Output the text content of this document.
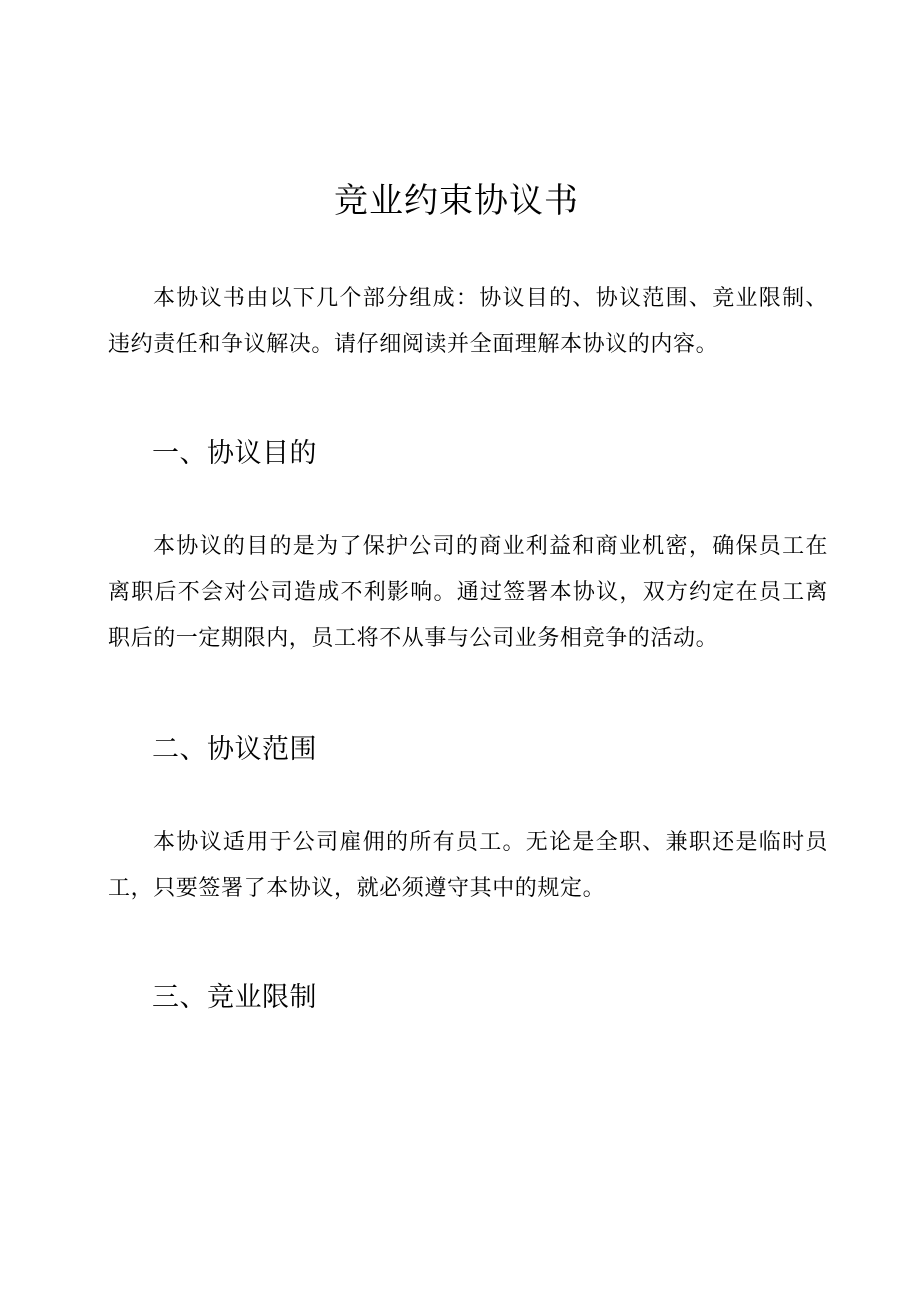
竞业约束协议书

本协议书由以下几个部分组成：协议目的、协议范围、竞业限制、违约责任和争议解决。请仔细阅读并全面理解本协议的内容。

一、协议目的

本协议的目的是为了保护公司的商业利益和商业机密，确保员工在离职后不会对公司造成不利影响。通过签署本协议，双方约定在员工离职后的一定期限内，员工将不从事与公司业务相竞争的活动。

二、协议范围

本协议适用于公司雇佣的所有员工。无论是全职、兼职还是临时员工，只要签署了本协议，就必须遵守其中的规定。

三、竞业限制
